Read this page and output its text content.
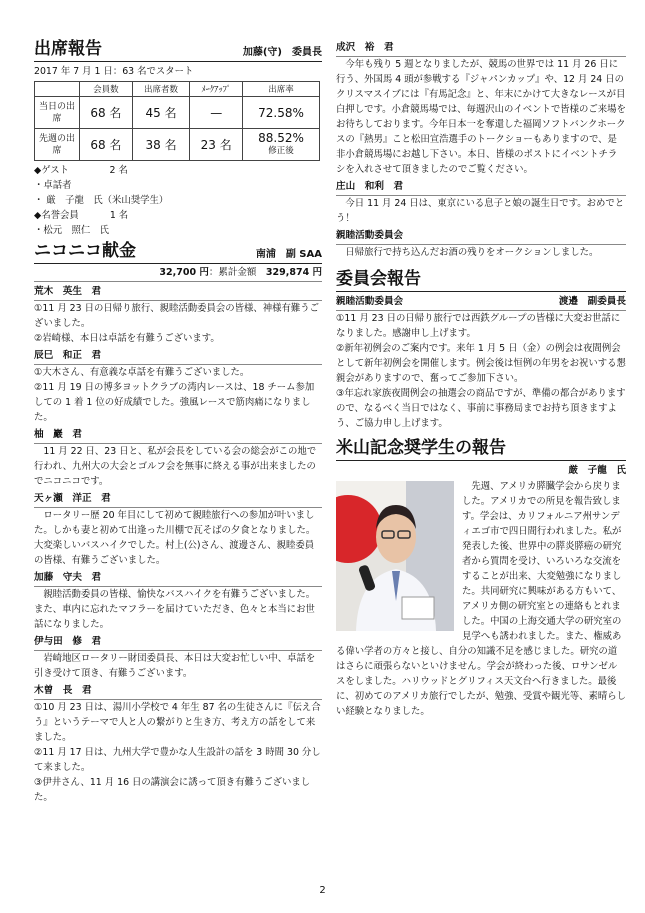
出席報告	加藤(守)　委員長
2017 年 7 月 1 日：63 名でスタート
	会員数	出席者数	ﾒｰｸｱｯﾌﾟ	出席率
当日の出席	68 名	45 名	—	72.58%
先週の出席	68 名	38 名	23 名	88.52%
修正後
◆ゲスト　　　　 2 名
・卓話者
・ 厳　子龍　氏（米山奨学生）
◆名誉会員　　　 1 名
・松元　照仁　氏
ニコニコ献金	南浦　副 SAA
32,700 円：累計金額　 329,874 円
荒木　英生　君
①11 月 23 日の日帰り旅行、親睦活動委員会の皆様、神様有難うございました。
②岩崎様、本日は卓話を有難うございます。
辰巳　和正　君
①大木さん、有意義な卓話を有難うございました。
②11 月 19 日の博多ヨットクラブの湾内レースは、18 チーム参加しての 1 着 1 位の好成績でした。強風レースで筋肉痛になりました。
柚　巖　君
　11 月 22 日、23 日と、私が会長をしている会の総会がこの地で行われ、九州大の大会とゴルフ会を無事に終える事が出来ましたのでニコニコです。
天ヶ瀬　洋正　君
　ロータリー歴 20 年目にして初めて親睦旅行への参加が叶いました。しかも妻と初めて出逢った川棚で瓦そばの夕食となりました。大変楽しいバスハイクでした。村上(公)さん、渡邊さん、親睦委員の皆様、有難うございました。
加藤　守夫　君
　親睦活動委員の皆様、愉快なバスハイクを有難うございました。また、車内に忘れたマフラーを届けていただき、色々と本当にお世話になりました。
伊与田　修　君
　岩崎地区ロータリー財団委員長、本日は大変お忙しい中、卓話を引き受けて頂き、有難うございます。
木曽　長　君
①10 月 23 日は、湯川小学校で 4 年生 87 名の生徒さんに『伝え合う』というテーマで人と人の繋がりと生き方、考え方の話をして来ました。
②11 月 17 日は、九州大学で豊かな人生設計の話を 3 時間 30 分して来ました。
③伊井さん、11 月 16 日の講演会に誘って頂き有難うございました。
成沢　裕　君
　今年も残り 5 週となりましたが、競馬の世界では 11 月 26 日に行う、外国馬 4 頭が参戦する『ジャパンカップ』や、12 月 24 日のクリスマスイブには『有馬記念』と、年末にかけて大きなレースが目白押しです。小倉競馬場では、毎週沢山のイベントで皆様のご来場をお待ちしております。今年日本一を奪還した福岡ソフトバンクホークスの『熱男』こと松田宣浩選手のトークショーもありますので、是非小倉競馬場にお越し下さい。本日、皆様のポストにイベントチラシを入れさせて頂きましたのでご覧ください。
庄山　和利　君
　今日 11 月 24 日は、東京にいる息子と娘の誕生日です。おめでとう！
親睦活動委員会
　日帰旅行で持ち込んだお酒の残りをオークションしました。
委員会報告
親睦活動委員会	渡邉　副委員長
①11 月 23 日の日帰り旅行では西鉄グループの皆様に大変お世話になりました。感謝申し上げます。
②新年初例会のご案内です。来年 1 月 5 日（金）の例会は夜間例会として新年初例会を開催します。例会後は恒例の年男をお祝いする懇親会がありますので、奮ってご参加下さい。
③年忘れ家族夜間例会の抽選会の商品ですが、準備の都合がありますので、なるべく当日ではなく、事前に事務局までお持ち頂きますよう、ご協力申し上げます。
米山記念奨学生の報告
厳　子龍　氏
　先週、アメリカ膵臓学会から戻りました。アメリカでの所見を報告致します。学会は、カリフォルニア州サンディエゴ市で四日間行われました。私が発表した後、世界中の膵炎膵癌の研究者から質問を受け、いろいろな交流をすることが出来、大変勉強になりました。共同研究に興味がある方もいて、アメリカ側の研究室との連絡もとれました。中国の上海交通大学の研究室の見学へも誘われました。また、権威ある偉い学者の方々と接し、自分の知識不足を感じました。研究の道はさらに頑張らないといけません。学会が終わった後、ロサンゼルスをしました。ハリウッドとグリフィス天文台へ行きました。最後に、初めてのアメリカ旅行でしたが、勉強、受賞や観光等、素晴らしい経験となりました。
2
